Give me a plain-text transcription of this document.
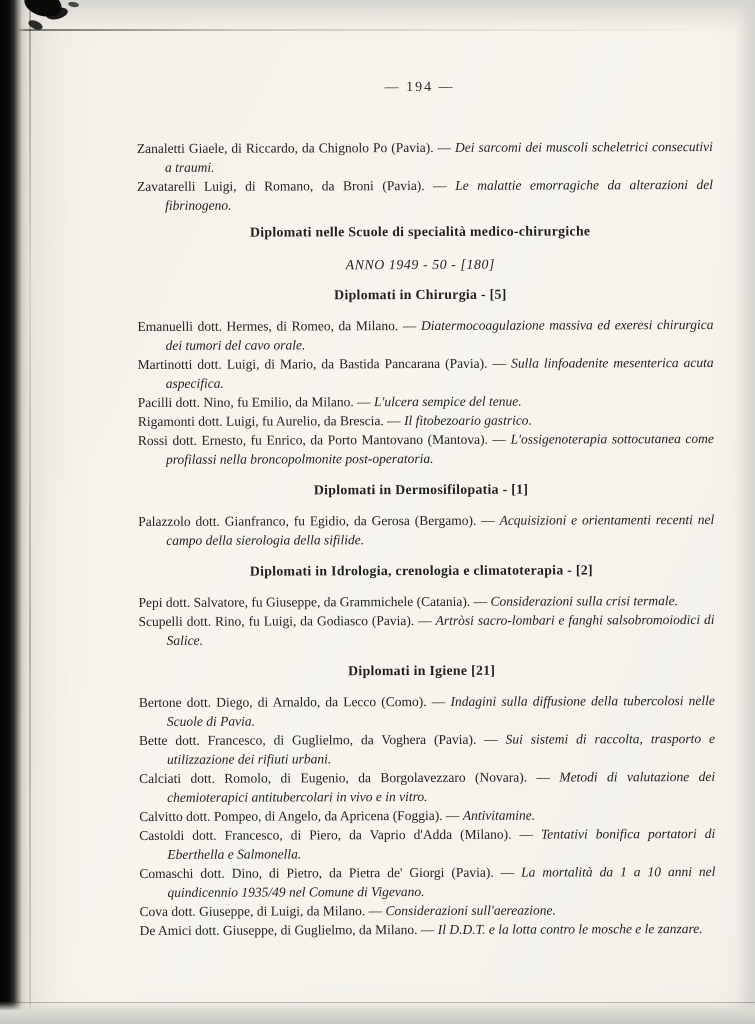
— 194 —

Zanaletti Giaele, di Riccardo, da Chignolo Po (Pavia). — Dei sarcomi dei muscoli scheletrici consecutivi a traumi.

Zavatarelli Luigi, di Romano, da Broni (Pavia). — Le malattie emorragiche da alterazioni del fibrinogeno.

Diplomati nelle Scuole di specialità medico-chirurgiche
ANNO 1949 - 50 - [180]
Diplomati in Chirurgia - [5]

Emanuelli dott. Hermes, di Romeo, da Milano. — Diatermocoagulazione massiva ed exeresi chirurgica dei tumori del cavo orale.

Martinotti dott. Luigi, di Mario, da Bastida Pancarana (Pavia). — Sulla linfoadenite mesenterica acuta aspecifica.

Pacilli dott. Nino, fu Emilio, da Milano. — L'ulcera sempice del tenue.

Rigamonti dott. Luigi, fu Aurelio, da Brescia. — Il fitobezoario gastrico.

Rossi dott. Ernesto, fu Enrico, da Porto Mantovano (Mantova). — L'ossigenoterapia sottocutanea come profilassi nella broncopolmonite post-operatoria.

Diplomati in Dermosifilopatia - [1]

Palazzolo dott. Gianfranco, fu Egidio, da Gerosa (Bergamo). — Acquisizioni e orientamenti recenti nel campo della sierologia della sifilide.

Diplomati in Idrologia, crenologia e climatoterapia - [2]

Pepi dott. Salvatore, fu Giuseppe, da Grammichele (Catania). — Considerazioni sulla crisi termale.

Scupelli dott. Rino, fu Luigi, da Godiasco (Pavia). — Artròsi sacro-lombari e fanghi salsobromoiodici di Salice.

Diplomati in Igiene [21]

Bertone dott. Diego, di Arnaldo, da Lecco (Como). — Indagini sulla diffusione della tubercolosi nelle Scuole di Pavia.

Bette dott. Francesco, di Guglielmo, da Voghera (Pavia). — Sui sistemi di raccolta, trasporto e utilizzazione dei rifiuti urbani.

Calciati dott. Romolo, di Eugenio, da Borgolavezzaro (Novara). — Metodi di valutazione dei chemioterapici antitubercolari in vivo e in vitro.

Calvitto dott. Pompeo, di Angelo, da Apricena (Foggia). — Antivitamine.

Castoldi dott. Francesco, di Piero, da Vaprio d'Adda (Milano). — Tentativi bonifica portatori di Eberthella e Salmonella.

Comaschi dott. Dino, di Pietro, da Pietra de' Giorgi (Pavia). — La mortalità da 1 a 10 anni nel quindicennio 1935/49 nel Comune di Vigevano.

Cova dott. Giuseppe, di Luigi, da Milano. — Considerazioni sull'aereazione.

De Amici dott. Giuseppe, di Guglielmo, da Milano. — Il D.D.T. e la lotta contro le mosche e le zanzare.
